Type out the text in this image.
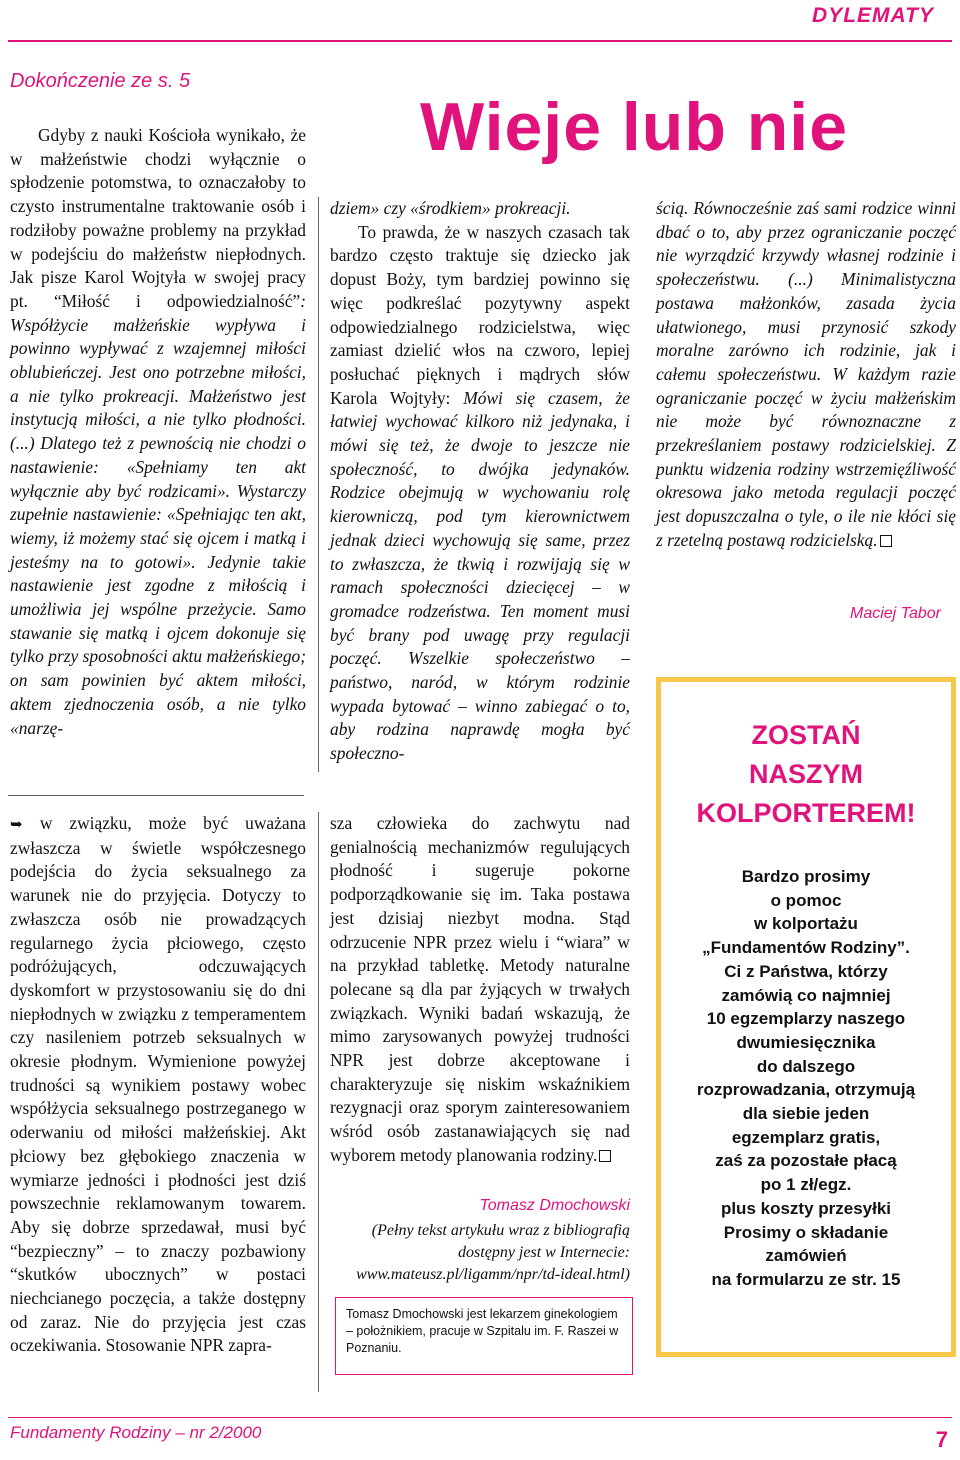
DYLEMATY
Dokończenie ze s. 5
Wieje lub nie

Gdyby z nauki Kościoła wynikało, że w małżeństwie chodzi wyłącznie o spłodzenie potomstwa, to oznaczałoby to czysto instrumentalne traktowanie osób i rodziłoby poważne problemy na przykład w podejściu do małżeństw niepłodnych. Jak pisze Karol Wojtyła w swojej pracy pt. “Miłość i odpowiedzialność”: Współżycie małżeńskie wypływa i powinno wypływać z wzajemnej miłości oblubieńczej. Jest ono potrzebne miłości, a nie tylko prokreacji. Małżeństwo jest instytucją miłości, a nie tylko płodności. (...) Dlatego też z pewnością nie chodzi o nastawienie: «Spełniamy ten akt wyłącznie aby być rodzicami». Wystarczy zupełnie nastawienie: «Spełniając ten akt, wiemy, iż możemy stać się ojcem i matką i jesteśmy na to gotowi». Jedynie takie nastawienie jest zgodne z miłością i umożliwia jej wspólne przeżycie. Samo stawanie się matką i ojcem dokonuje się tylko przy sposobności aktu małżeńskiego; on sam powinien być aktem miłości, aktem zjednoczenia osób, a nie tylko «narzę-

dziem» czy «środkiem» prokreacji.

To prawda, że w naszych czasach tak bardzo często traktuje się dziecko jak dopust Boży, tym bardziej powinno się więc podkreślać pozytywny aspekt odpowiedzialnego rodzicielstwa, więc zamiast dzielić włos na czworo, lepiej posłuchać pięknych i mądrych słów Karola Wojtyły: Mówi się czasem, że łatwiej wychować kilkoro niż jedynaka, i mówi się też, że dwoje to jeszcze nie społeczność, to dwójka jedynaków. Rodzice obejmują w wychowaniu rolę kierowniczą, pod tym kierownictwem jednak dzieci wychowują się same, przez to zwłaszcza, że tkwią i rozwijają się w ramach społeczności dziecięcej – w gromadce rodzeństwa. Ten moment musi być brany pod uwagę przy regulacji poczęć. Wszelkie społeczeństwo – państwo, naród, w którym rodzinie wypada bytować – winno zabiegać o to, aby rodzina naprawdę mogła być społeczno-

ścią. Równocześnie zaś sami rodzice winni dbać o to, aby przez ograniczanie poczęć nie wyrządzić krzywdy własnej rodzinie i społeczeństwu. (...) Minimalistyczna postawa małżonków, zasada życia ułatwionego, musi przynosić szkody moralne zarówno ich rodzinie, jak i całemu społeczeństwu. W każdym razie ograniczanie poczęć w życiu małżeńskim nie może być równoznaczne z przekreślaniem postawy rodzicielskiej. Z punktu widzenia rodziny wstrzemięźliwość okresowa jako metoda regulacji poczęć jest dopuszczalna o tyle, o ile nie kłóci się z rzetelną postawą rodzicielską.

Maciej Tabor

➥ w związku, może być uważana zwłaszcza w świetle współczesnego podejścia do życia seksualnego za warunek nie do przyjęcia. Dotyczy to zwłaszcza osób nie prowadzących regularnego życia płciowego, często podróżujących, odczuwających dyskomfort w przystosowaniu się do dni niepłodnych w związku z temperamentem czy nasileniem potrzeb seksualnych w okresie płodnym. Wymienione powyżej trudności są wynikiem postawy wobec współżycia seksualnego postrzeganego w oderwaniu od miłości małżeńskiej. Akt płciowy bez głębokiego znaczenia w wymiarze jedności i płodności jest dziś powszechnie reklamowanym towarem. Aby się dobrze sprzedawał, musi być “bezpieczny” – to znaczy pozbawiony “skutków ubocznych” w postaci niechcianego poczęcia, a także dostępny od zaraz. Nie do przyjęcia jest czas oczekiwania. Stosowanie NPR zapra-

sza człowieka do zachwytu nad genialnością mechanizmów regulujących płodność i sugeruje pokorne podporządkowanie się im. Taka postawa jest dzisiaj niezbyt modna. Stąd odrzucenie NPR przez wielu i “wiara” w na przykład tabletkę. Metody naturalne polecane są dla par żyjących w trwałych związkach. Wyniki badań wskazują, że mimo zarysowanych powyżej trudności NPR jest dobrze akceptowane i charakteryzuje się niskim wskaźnikiem rezygnacji oraz sporym zainteresowaniem wśród osób zastanawiających się nad wyborem metody planowania rodziny.

Tomasz Dmochowski
(Pełny tekst artykułu wraz z bibliografią
dostępny jest w Internecie:
www.mateusz.pl/ligamm/npr/td-ideal.html)
Tomasz Dmochowski jest lekarzem ginekologiem – położnikiem, pracuje w Szpitalu im. F. Raszei w Poznaniu.
ZOSTAŃ
NASZYM
KOLPORTEREM!
Bardzo prosimy
o pomoc
w kolportażu
„Fundamentów Rodziny”.
Ci z Państwa, którzy
zamówią co najmniej
10 egzemplarzy naszego
dwumiesięcznika
do dalszego
rozprowadzania, otrzymują
dla siebie jeden
egzemplarz gratis,
zaś za pozostałe płacą
po 1 zł/egz.
plus koszty przesyłki
Prosimy o składanie
zamówień
na formularzu ze str. 15
Fundamenty Rodziny – nr 2/2000	7
